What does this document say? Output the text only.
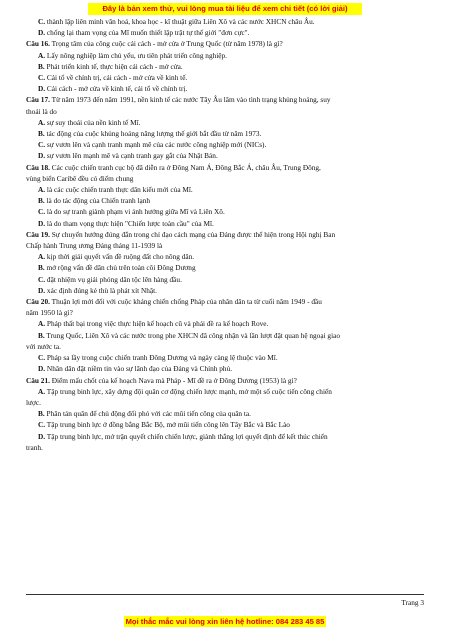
Đây là bản xem thử, vui lòng mua tài liệu để xem chi tiết (có lời giải)
C. thành lập liên minh văn hoá, khoa học - kĩ thuật giữa Liên Xô và các nước XHCN châu Âu.
D. chống lại tham vọng của Mĩ muốn thiết lập trật tự thế giới "đơn cực".
Câu 16. Trọng tâm của công cuộc cải cách - mở cửa ở Trung Quốc (từ năm 1978) là gì?
A. Lấy nông nghiệp làm chủ yếu, ưu tiên phát triển công nghiệp.
B. Phát triển kinh tế, thực hiện cải cách - mở cửa.
C. Cải tổ về chính trị, cải cách - mở cửa về kinh tế.
D. Cải cách - mở cửa về kinh tế, cải tổ về chính trị.
Câu 17. Từ năm 1973 đến năm 1991, nền kinh tế các nước Tây Âu lâm vào tình trạng khủng hoảng, suy
thoái là do
A. sự suy thoái của nền kinh tế Mĩ.
B. tác động của cuộc khủng hoảng năng lượng thế giới bắt đầu từ năm 1973.
C. sự vươn lên và cạnh tranh mạnh mẽ của các nước công nghiệp mới (NICs).
D. sự vươn lên mạnh mẽ và cạnh tranh gay gắt của Nhật Bản.
Câu 18. Các cuộc chiến tranh cục bộ đã diễn ra ở Đông Nam Á, Đông Bắc Á, châu Âu, Trung Đông,
vùng biển Caribê đều có điểm chung
A. là các cuộc chiến tranh thực dân kiểu mới của Mĩ.
B. là do tác động của Chiến tranh lạnh
C. là do sự tranh giành phạm vi ảnh hưởng giữa Mĩ và Liên Xô.
D. là do tham vọng thực hiện "Chiến lược toàn cầu" của Mĩ.
Câu 19. Sự chuyển hướng đúng đắn trong chỉ đạo cách mạng của Đảng được thể hiện trong Hội nghị Ban
Chấp hành Trung ương Đảng tháng 11-1939 là
A. kịp thời giải quyết vấn đề ruộng đất cho nông dân.
B. mở rộng vấn đề dân chủ trên toàn cõi Đông Dương
C. đặt nhiệm vụ giải phóng dân tộc lên hàng đầu.
D. xác định đúng kẻ thù là phát xít Nhật.
Câu 20. Thuận lợi mới đối với cuộc kháng chiến chống Pháp của nhân dân ta từ cuối năm 1949 - đầu
năm 1950 là gì?
A. Pháp thất bại trong việc thực hiện kế hoạch cũ và phải đề ra kế hoạch Rove.
B. Trung Quốc, Liên Xô và các nước trong phe XHCN đã công nhận và lần lượt đặt quan hệ ngoại giao
với nước ta.
C. Pháp sa lầy trong cuộc chiến tranh Đông Dương và ngày càng lệ thuộc vào Mĩ.
D. Nhân dân đặt niềm tin vào sự lãnh đạo của Đảng và Chính phủ.
Câu 21. Điểm mấu chốt của kế hoạch Nava mà Pháp - Mĩ đề ra ở Đông Dương (1953) là gì?
A. Tập trung binh lực, xây dựng đội quân cơ động chiến lược mạnh, mở một số cuộc tiến công chiến
lược.
B. Phân tán quân để chủ động đối phó với các mũi tiến công của quân ta.
C. Tập trung binh lực ở đồng bằng Bắc Bộ, mở mũi tiến công lên Tây Bắc và Bắc Lào
D. Tập trung binh lực, mở trận quyết chiến chiến lược, giành thắng lợi quyết định để kết thúc chiến
tranh.
Trang 3
Mọi thắc mắc vui lòng xin liên hệ hotline: 084 283 45 85
